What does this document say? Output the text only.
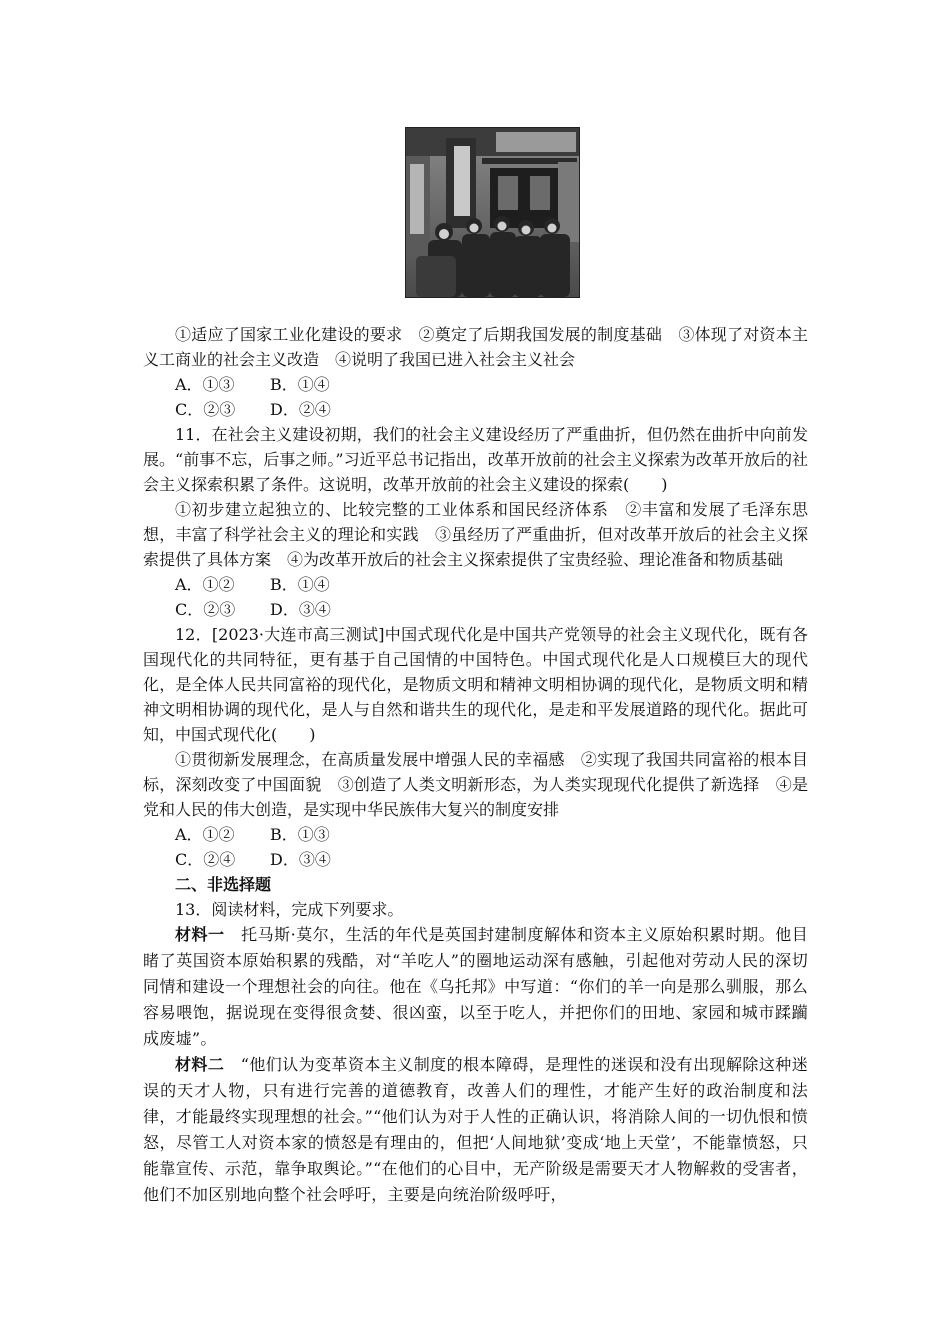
①适应了国家工业化建设的要求　②奠定了后期我国发展的制度基础　③体现了对资本主义工商业的社会主义改造　④说明了我国已进入社会主义社会

A．①③ B．①④

C．②③ D．②④

11．在社会主义建设初期，我们的社会主义建设经历了严重曲折，但仍然在曲折中向前发展。“前事不忘，后事之师。”习近平总书记指出，改革开放前的社会主义探索为改革开放后的社会主义探索积累了条件。这说明，改革开放前的社会主义建设的探索(　　)

①初步建立起独立的、比较完整的工业体系和国民经济体系　②丰富和发展了毛泽东思想，丰富了科学社会主义的理论和实践　③虽经历了严重曲折，但对改革开放后的社会主义探索提供了具体方案　④为改革开放后的社会主义探索提供了宝贵经验、理论准备和物质基础

A．①② B．①④

C．②③ D．③④

12．[2023·大连市高三测试]中国式现代化是中国共产党领导的社会主义现代化，既有各国现代化的共同特征，更有基于自己国情的中国特色。中国式现代化是人口规模巨大的现代化，是全体人民共同富裕的现代化，是物质文明和精神文明相协调的现代化，是物质文明和精神文明相协调的现代化，是人与自然和谐共生的现代化，是走和平发展道路的现代化。据此可知，中国式现代化(　　)

①贯彻新发展理念，在高质量发展中增强人民的幸福感　②实现了我国共同富裕的根本目标，深刻改变了中国面貌　③创造了人类文明新形态，为人类实现现代化提供了新选择　④是党和人民的伟大创造，是实现中华民族伟大复兴的制度安排

A．①② B．①③

C．②④ D．③④

二、非选择题

13．阅读材料，完成下列要求。

材料一　托马斯·莫尔，生活的年代是英国封建制度解体和资本主义原始积累时期。他目睹了英国资本原始积累的残酷，对“羊吃人”的圈地运动深有感触，引起他对劳动人民的深切同情和建设一个理想社会的向往。他在《乌托邦》中写道：“你们的羊一向是那么驯服，那么容易喂饱，据说现在变得很贪婪、很凶蛮，以至于吃人，并把你们的田地、家园和城市蹂躏成废墟”。

材料二　“他们认为变革资本主义制度的根本障碍，是理性的迷误和没有出现解除这种迷误的天才人物，只有进行完善的道德教育，改善人们的理性，才能产生好的政治制度和法律，才能最终实现理想的社会。”“他们认为对于人性的正确认识，将消除人间的一切仇恨和愤怒，尽管工人对资本家的愤怒是有理由的，但把‘人间地狱’变成‘地上天堂’，不能靠愤怒，只能靠宣传、示范，靠争取舆论。”“在他们的心目中，无产阶级是需要天才人物解救的受害者，他们不加区别地向整个社会呼吁，主要是向统治阶级呼吁，
